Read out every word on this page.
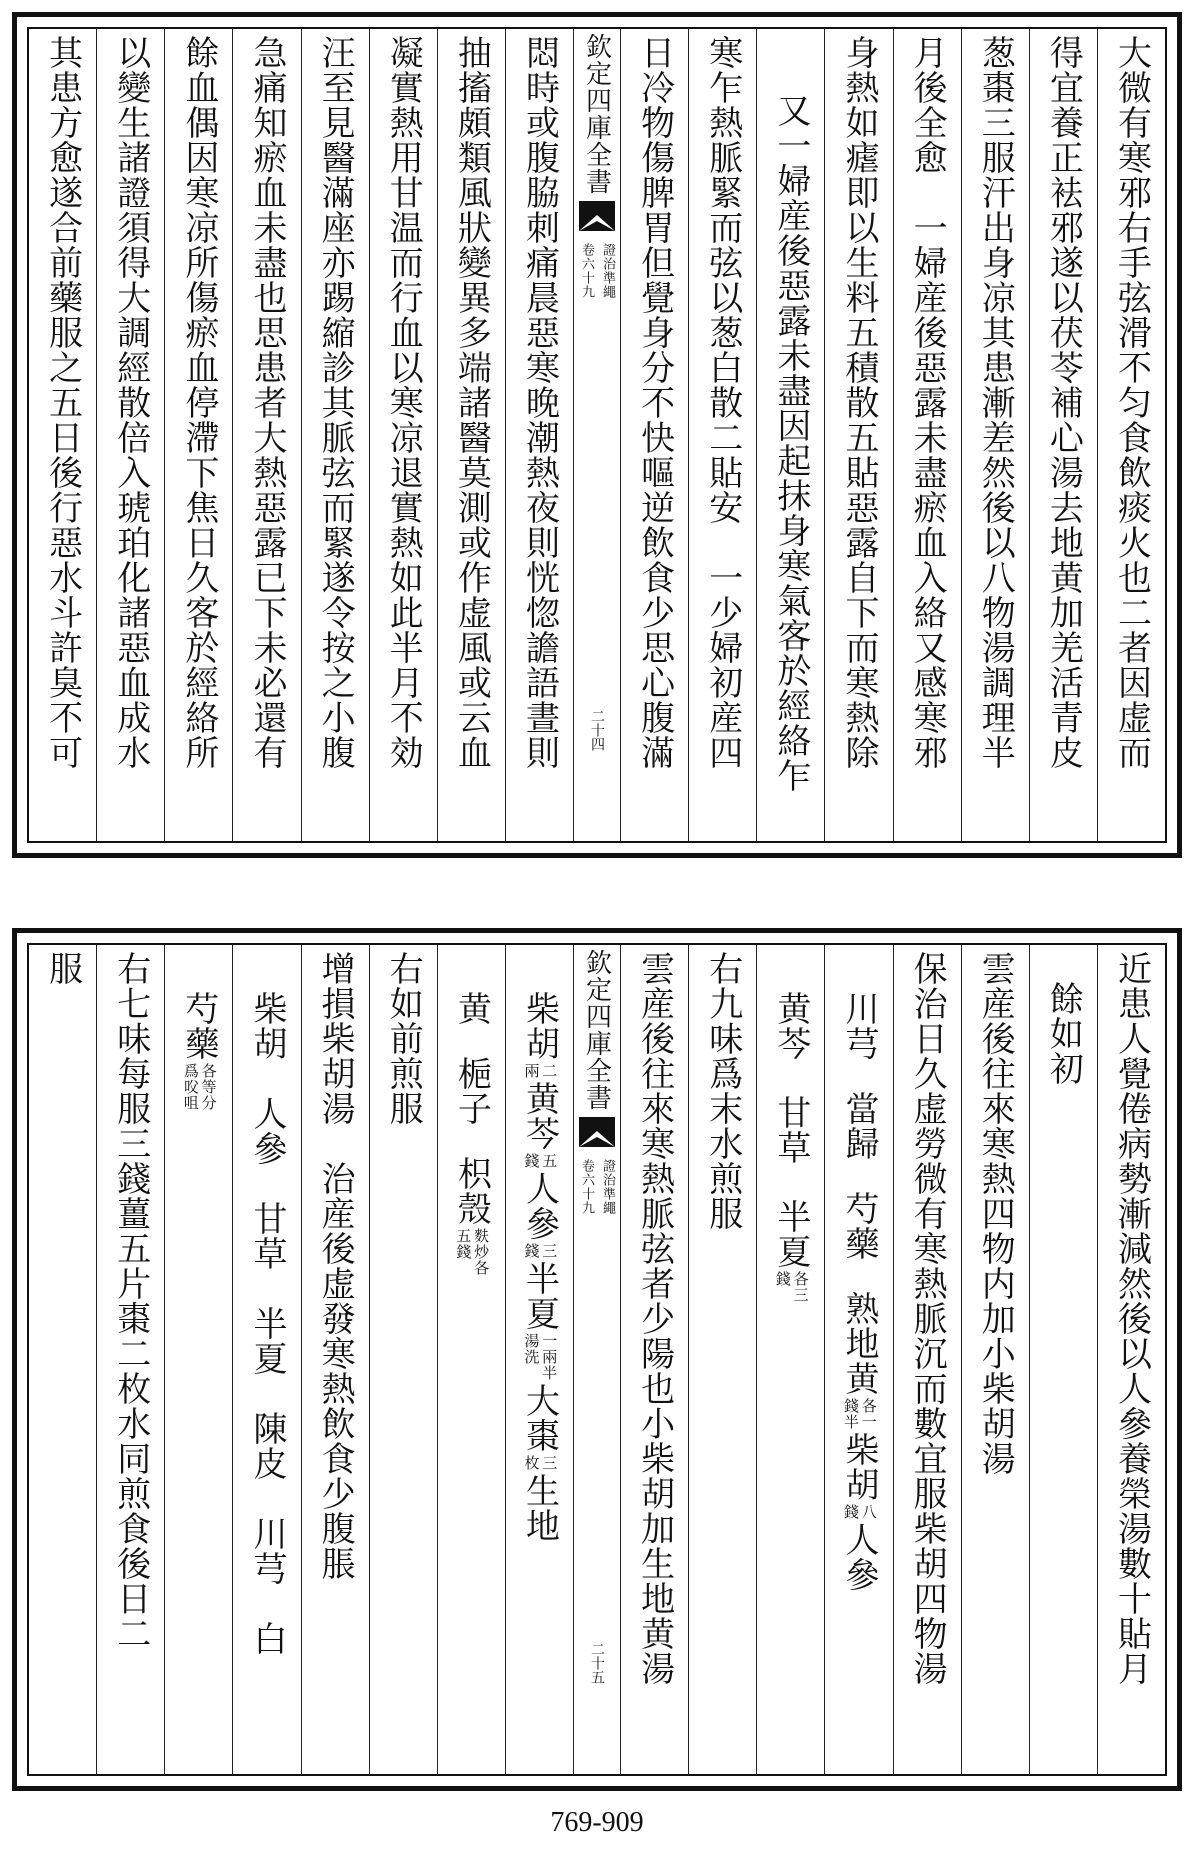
大微有寒邪右手弦滑不匀食飲痰火也二者因虚而
得宜養正袪邪遂以茯苓補心湯去地黄加羌活青皮
葱棗三服汗出身凉其患漸差然後以八物湯調理半
月後全愈　一婦産後惡露未盡瘀血入絡又感寒邪
身熱如瘧即以生料五積散五貼惡露自下而寒熱除
又一婦産後惡露未盡因起抹身寒氣客於經絡乍
寒乍熱脈緊而弦以葱白散二貼安　一少婦初産四
日冷物傷脾胃但覺身分不快嘔逆飲食少思心腹滿
欽定四庫全書
證治準繩
卷六十九
二十四
悶時或腹脇刺痛晨惡寒晚潮熱夜則恍惚譫語晝則
抽搐頗類風狀變異多端諸醫莫測或作虚風或云血
凝實熱用甘温而行血以寒凉退實熱如此半月不効
汪至見醫滿座亦踢縮診其脈弦而緊遂令按之小腹
急痛知瘀血未盡也思患者大熱惡露已下未必還有
餘血偶因寒凉所傷瘀血停滯下焦日久客於經絡所
以變生諸證須得大調經散倍入琥珀化諸惡血成水
其患方愈遂合前藥服之五日後行惡水斗許臭不可
近患人覺倦病勢漸減然後以人參養榮湯數十貼月
餘如初
雲産後往來寒熱四物内加小柴胡湯
保治日久虚勞微有寒熱脈沉而數宜服柴胡四物湯
川芎
當歸
芍藥
熟地黄
各一
錢半
柴胡
八
錢
人參
黄芩
甘草
半夏
各三
錢
右九味爲末水煎服
雲産後往來寒熱脈弦者少陽也小柴胡加生地黄湯
欽定四庫全書
證治準繩
卷六十九
二十五
柴胡
二
兩
黄芩
五
錢
人參
三
錢
半夏
一兩半
湯洗
大棗
三
枚
生地
黄
梔子
枳殼
麩炒各
五錢
右如前煎服
增損柴胡湯　治産後虚發寒熱飲食少腹脹
柴胡　人參　甘草　半夏　陳皮　川芎　白
芍藥
各等分
爲㕮咀
右七味每服三錢薑五片棗二枚水同煎食後日二
服
769-909
